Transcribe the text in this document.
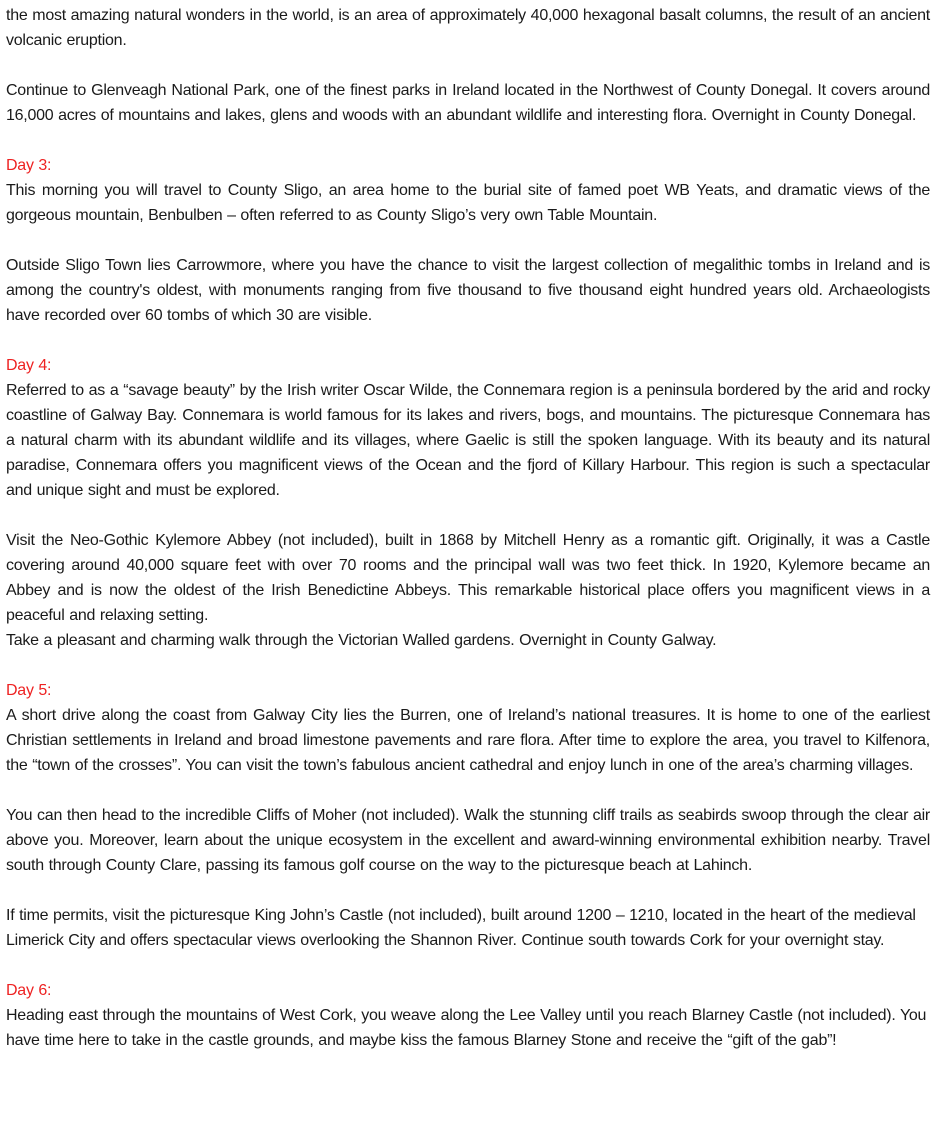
the most amazing natural wonders in the world, is an area of approximately 40,000 hexagonal basalt columns, the result of an ancient volcanic eruption.

Continue to Glenveagh National Park, one of the finest parks in Ireland located in the Northwest of County Donegal. It covers around 16,000 acres of mountains and lakes, glens and woods with an abundant wildlife and interesting flora. Overnight in County Donegal.

Day 3:

This morning you will travel to County Sligo, an area home to the burial site of famed poet WB Yeats, and dramatic views of the gorgeous mountain, Benbulben – often referred to as County Sligo’s very own Table Mountain.

Outside Sligo Town lies Carrowmore, where you have the chance to visit the largest collection of megalithic tombs in Ireland and is among the country's oldest, with monuments ranging from five thousand to five thousand eight hundred years old. Archaeologists have recorded over 60 tombs of which 30 are visible.

Day 4:

Referred to as a “savage beauty” by the Irish writer Oscar Wilde, the Connemara region is a peninsula bordered by the arid and rocky coastline of Galway Bay. Connemara is world famous for its lakes and rivers, bogs, and mountains. The picturesque Connemara has a natural charm with its abundant wildlife and its villages, where Gaelic is still the spoken language. With its beauty and its natural paradise, Connemara offers you magnificent views of the Ocean and the fjord of Killary Harbour. This region is such a spectacular and unique sight and must be explored.

Visit the Neo-Gothic Kylemore Abbey (not included), built in 1868 by Mitchell Henry as a romantic gift. Originally, it was a Castle covering around 40,000 square feet with over 70 rooms and the principal wall was two feet thick. In 1920, Kylemore became an Abbey and is now the oldest of the Irish Benedictine Abbeys. This remarkable historical place offers you magnificent views in a peaceful and relaxing setting.

Take a pleasant and charming walk through the Victorian Walled gardens. Overnight in County Galway.

Day 5:

A short drive along the coast from Galway City lies the Burren, one of Ireland’s national treasures. It is home to one of the earliest Christian settlements in Ireland and broad limestone pavements and rare flora. After time to explore the area, you travel to Kilfenora, the “town of the crosses”. You can visit the town’s fabulous ancient cathedral and enjoy lunch in one of the area’s charming villages.

You can then head to the incredible Cliffs of Moher (not included). Walk the stunning cliff trails as seabirds swoop through the clear air above you. Moreover, learn about the unique ecosystem in the excellent and award-winning environmental exhibition nearby. Travel south through County Clare, passing its famous golf course on the way to the picturesque beach at Lahinch.

If time permits, visit the picturesque King John’s Castle (not included), built around 1200 – 1210, located in the heart of the medieval Limerick City and offers spectacular views overlooking the Shannon River. Continue south towards Cork for your overnight stay.

Day 6:

Heading east through the mountains of West Cork, you weave along the Lee Valley until you reach Blarney Castle (not included). You have time here to take in the castle grounds, and maybe kiss the famous Blarney Stone and receive the “gift of the gab”!
